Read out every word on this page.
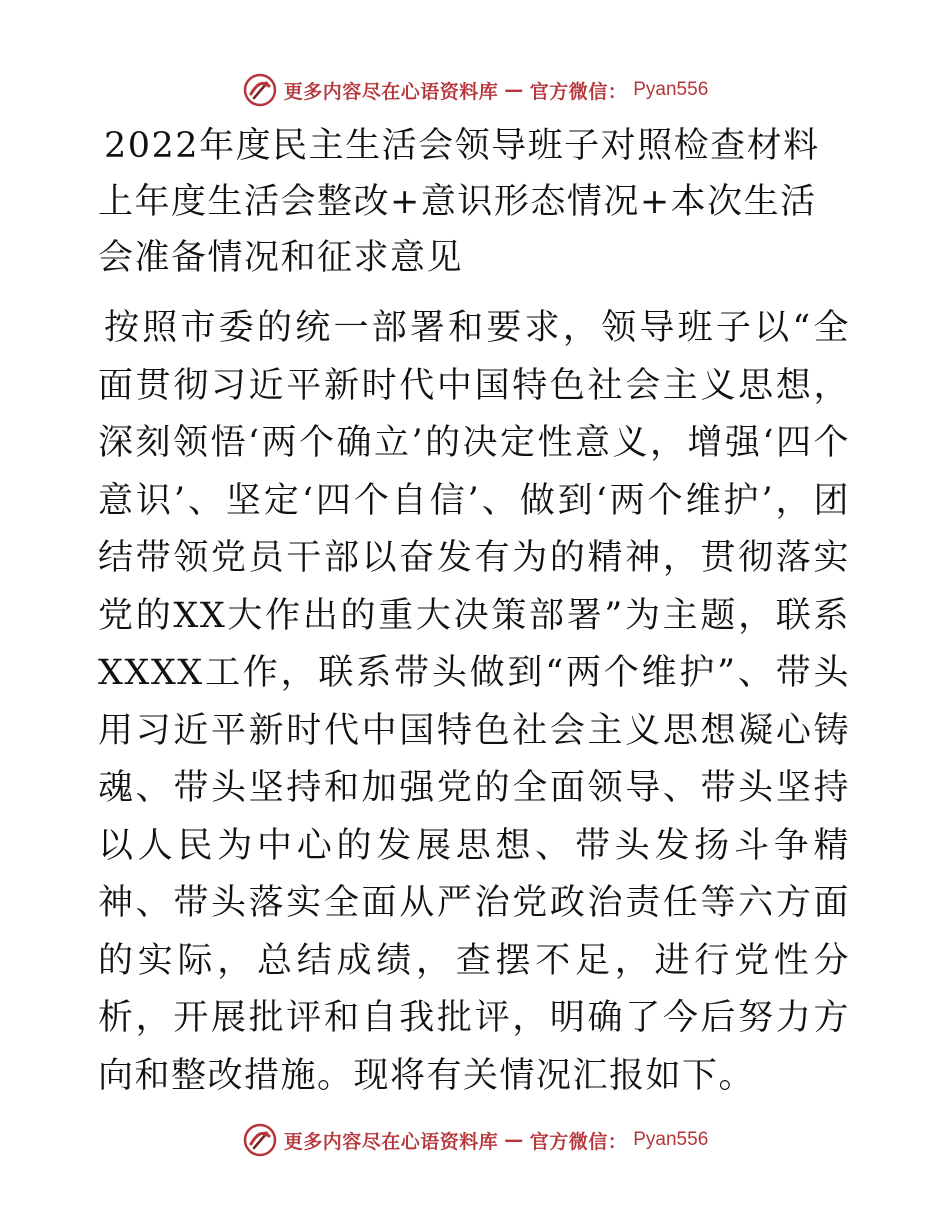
更多内容尽在心语资料库 — 官方微信： Pyan556
2022年度民主生活会领导班子对照检查材料 上年度生活会整改+意识形态情况+本次生活会准备情况和征求意见

按照市委的统一部署和要求，领导班子以“全面贯彻习近平新时代中国特色社会主义思想，深刻领悟‘两个确立’的决定性意义，增强‘四个意识’、坚定‘四个自信’、做到‘两个维护’，团结带领党员干部以奋发有为的精神，贯彻落实党的XX大作出的重大决策部署”为主题，联系XXXX工作，联系带头做到“两个维护”、带头用习近平新时代中国特色社会主义思想凝心铸魂、带头坚持和加强党的全面领导、带头坚持以人民为中心的发展思想、带头发扬斗争精神、带头落实全面从严治党政治责任等六方面的实际，总结成绩，查摆不足，进行党性分析，开展批评和自我批评，明确了今后努力方向和整改措施。现将有关情况汇报如下。

更多内容尽在心语资料库 — 官方微信： Pyan556
